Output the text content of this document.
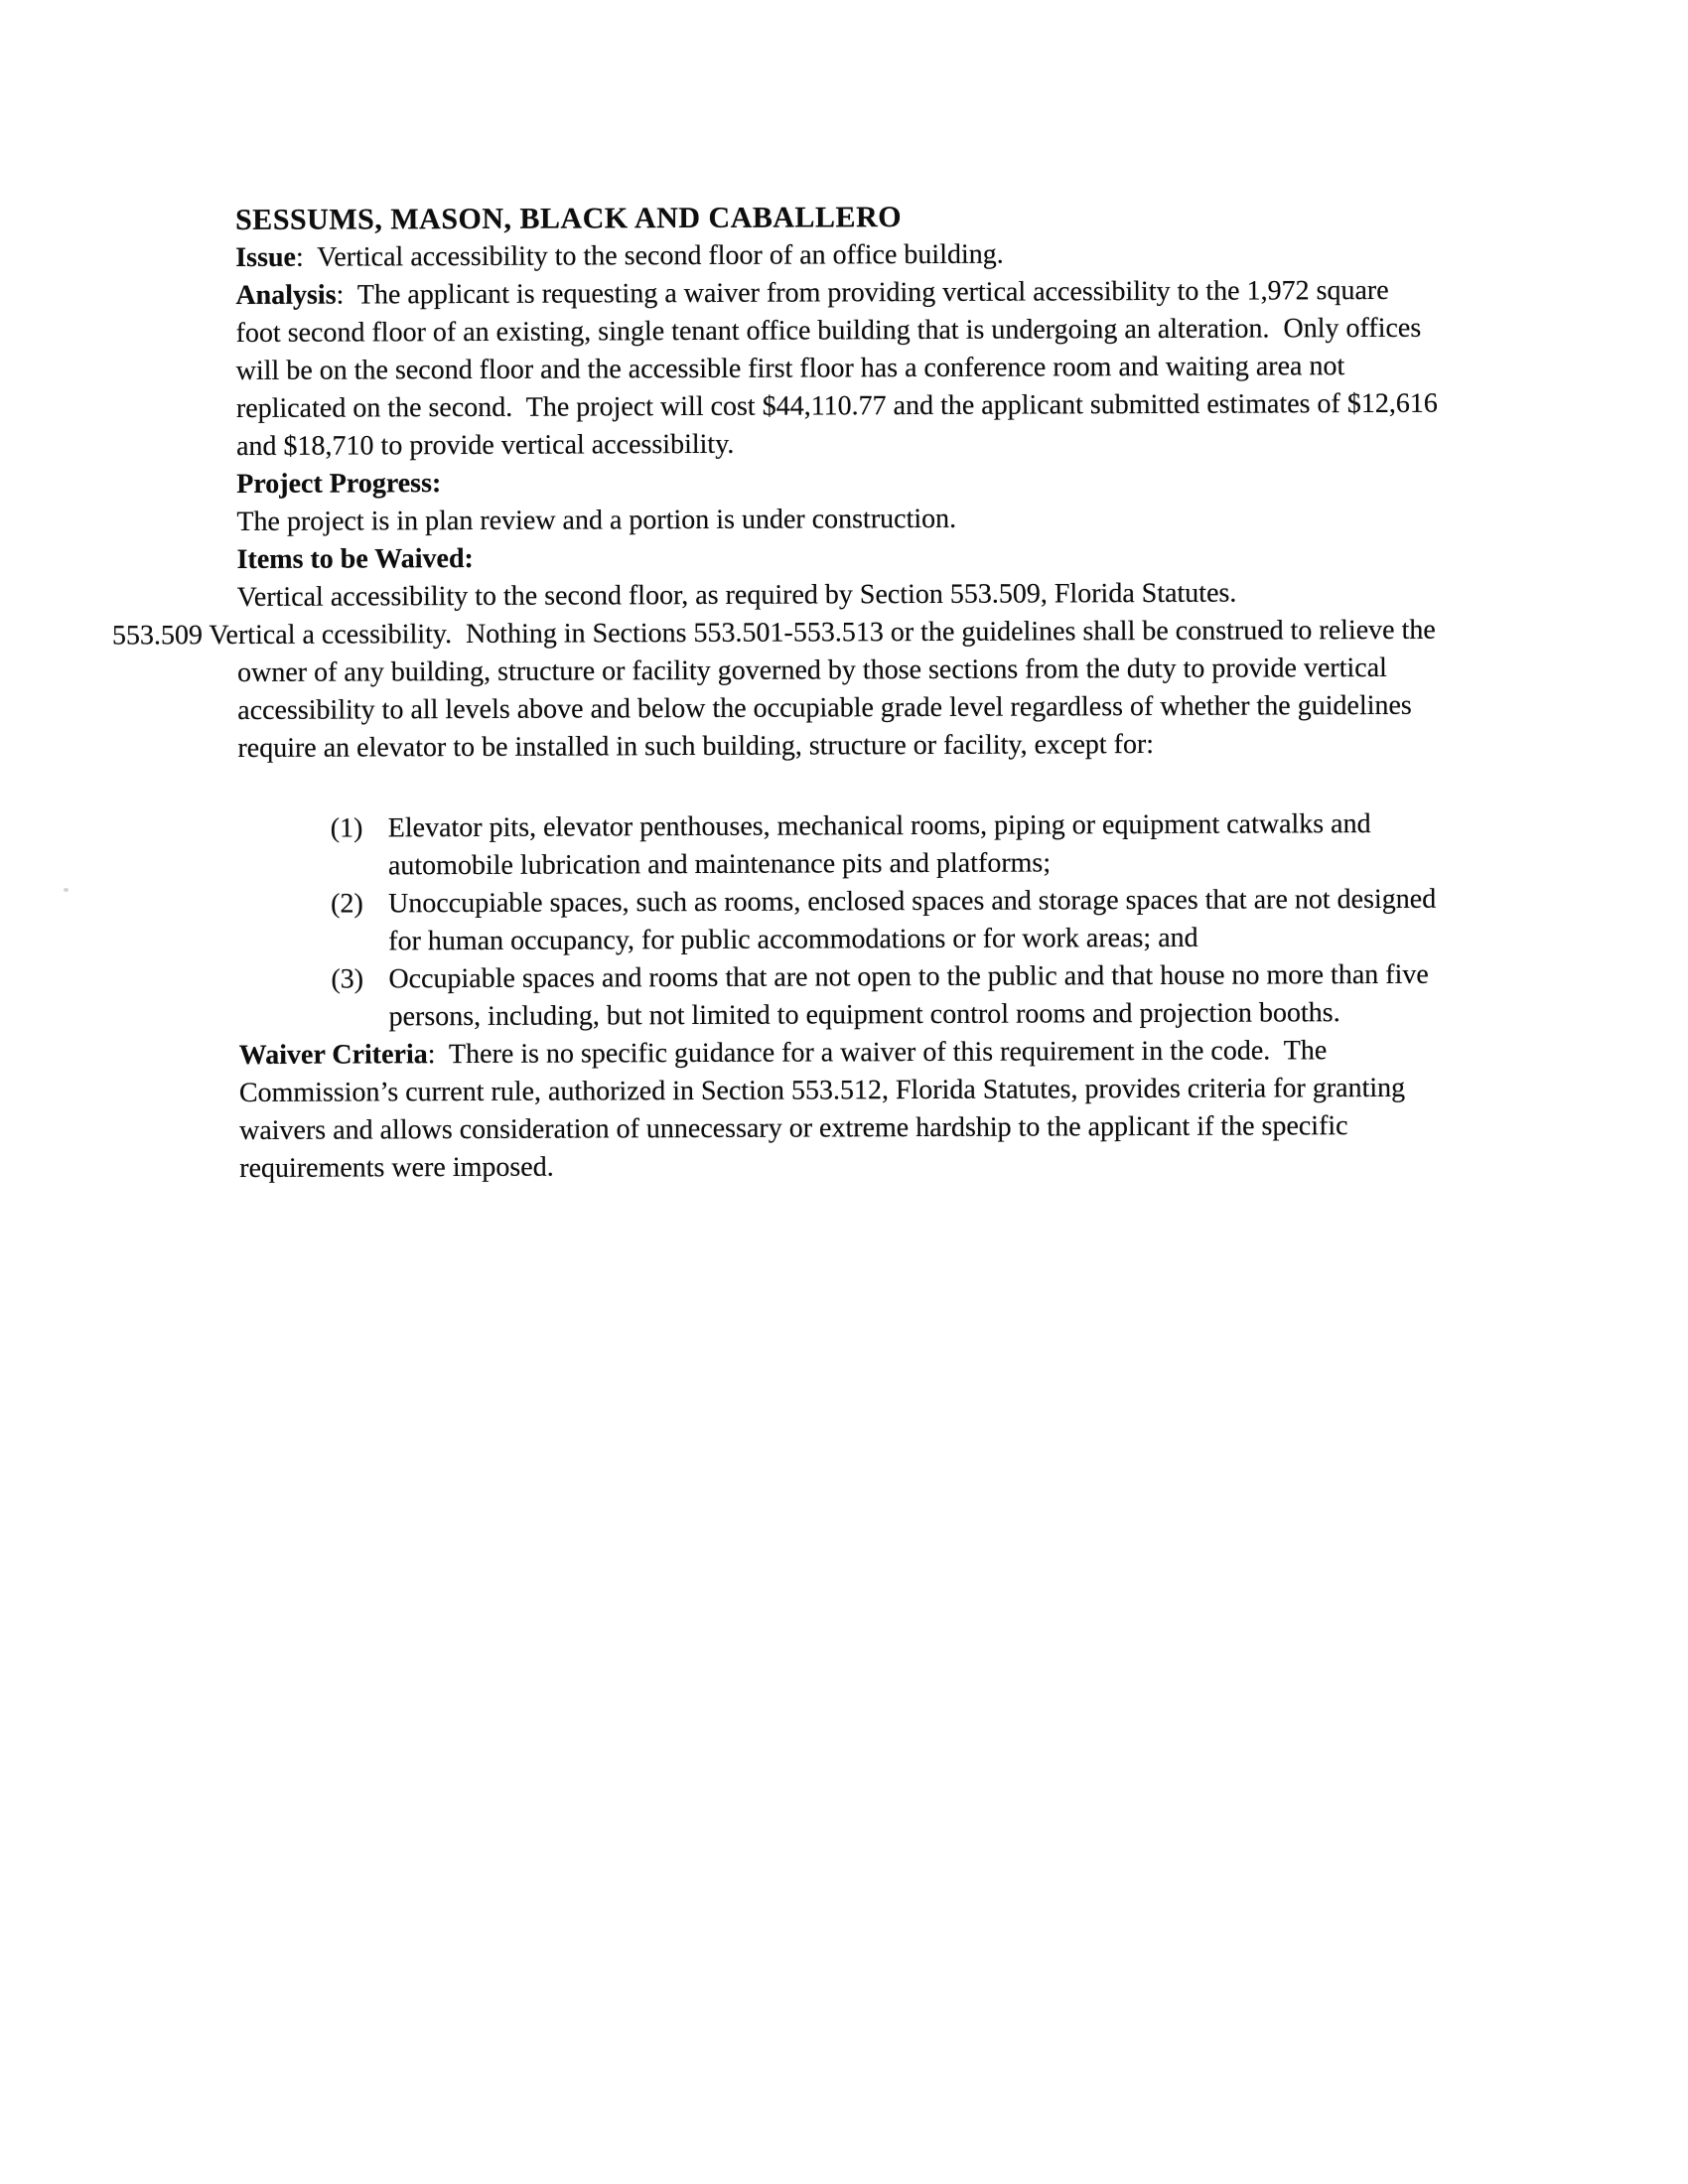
SESSUMS, MASON, BLACK AND CABALLERO

Issue:  Vertical accessibility to the second floor of an office building.

Analysis:  The applicant is requesting a waiver from providing vertical accessibility to the 1,972 square foot second floor of an existing, single tenant office building that is undergoing an alteration.  Only offices will be on the second floor and the accessible first floor has a conference room and waiting area not replicated on the second.  The project will cost $44,110.77 and the applicant submitted estimates of $12,616  and $18,710 to provide vertical accessibility.

Project Progress:

The project is in plan review and a portion is under construction.

Items to be Waived:

Vertical accessibility to the second floor, as required by Section 553.509, Florida Statutes.

553.509 Vertical a ccessibility.  Nothing in Sections 553.501-553.513 or the guidelines shall be construed to relieve the owner of any building, structure or facility governed by those sections from the duty to provide vertical accessibility to all levels above and below the occupiable grade level regardless of whether the guidelines require an elevator to be installed in such building, structure or facility, except for:

(1) Elevator pits, elevator penthouses, mechanical rooms, piping or equipment catwalks and automobile lubrication and maintenance pits and platforms;
(2) Unoccupiable spaces, such as rooms, enclosed spaces and storage spaces that are not designed for human occupancy, for public accommodations or for work areas; and
(3) Occupiable spaces and rooms that are not open to the public and that house no more than five persons, including, but not limited to equipment control rooms and projection booths.

Waiver Criteria:  There is no specific guidance for a waiver of this requirement in the code.  The Commission’s current rule, authorized in Section 553.512, Florida Statutes, provides criteria for granting waivers and allows consideration of unnecessary or extreme hardship to the applicant if the specific requirements were imposed.
